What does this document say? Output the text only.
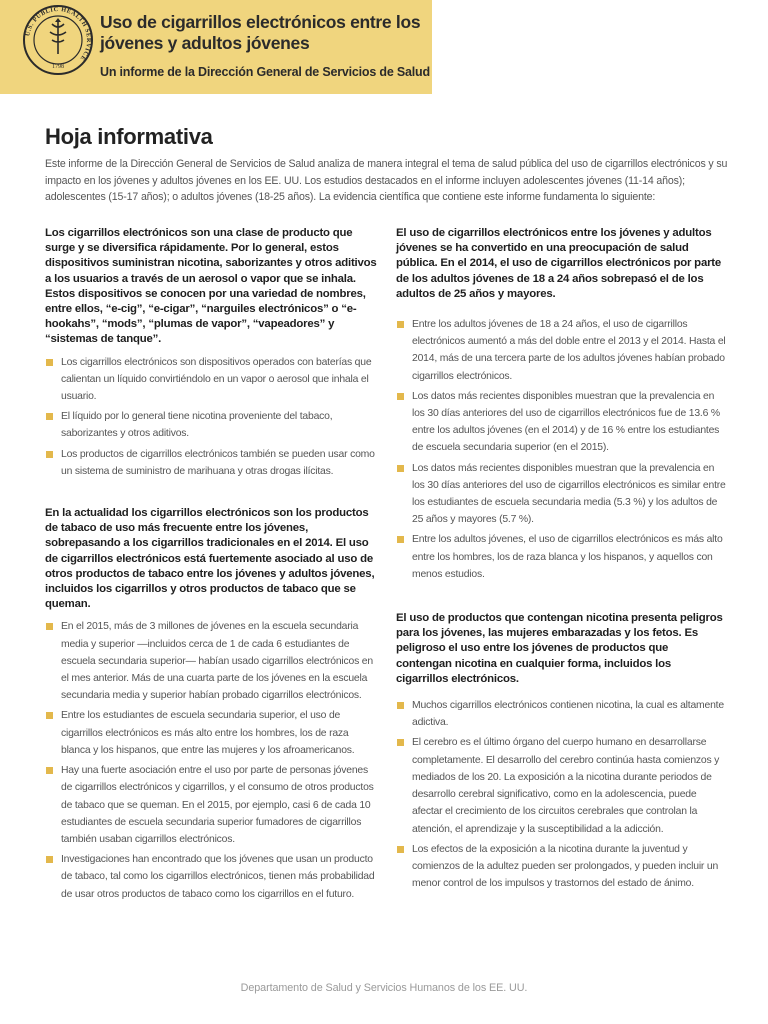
U.S. PUBLIC HEALTH SERVICE
1798
Uso de cigarrillos electrónicos entre los jóvenes y adultos jóvenes
Un informe de la Dirección General de Servicios de Salud
Hoja informativa

Este informe de la Dirección General de Servicios de Salud analiza de manera integral el tema de salud pública del uso de cigarrillos electrónicos y su impacto en los jóvenes y adultos jóvenes en los EE. UU. Los estudios destacados en el informe incluyen adolescentes jóvenes (11-14 años); adolescentes (15-17 años); o adultos jóvenes (18-25 años). La evidencia científica que contiene este informe fundamenta lo siguiente:

Los cigarrillos electrónicos son una clase de producto que surge y se diversifica rápidamente. Por lo general, estos dispositivos suministran nicotina, saborizantes y otros aditivos a los usuarios a través de un aerosol o vapor que se inhala. Estos dispositivos se conocen por una variedad de nombres, entre ellos, “e-cig”, “e-cigar”, “narguiles electrónicos” o “e-hookahs”, “mods”, “plumas de vapor”, “vapeadores” y “sistemas de tanque”.

Los cigarrillos electrónicos son dispositivos operados con baterías que calientan un líquido convirtiéndolo en un vapor o aerosol que inhala el usuario.
El líquido por lo general tiene nicotina proveniente del tabaco, saborizantes y otros aditivos.
Los productos de cigarrillos electrónicos también se pueden usar como un sistema de suministro de marihuana y otras drogas ilícitas.

En la actualidad los cigarrillos electrónicos son los productos de tabaco de uso más frecuente entre los jóvenes, sobrepasando a los cigarrillos tradicionales en el 2014. El uso de cigarrillos electrónicos está fuertemente asociado al uso de otros productos de tabaco entre los jóvenes y adultos jóvenes, incluidos los cigarrillos y otros productos de tabaco que se queman.

En el 2015, más de 3 millones de jóvenes en la escuela secundaria media y superior —incluidos cerca de 1 de cada 6 estudiantes de escuela secundaria superior— habían usado cigarrillos electrónicos en el mes anterior. Más de una cuarta parte de los jóvenes en la escuela secundaria media y superior habían probado cigarrillos electrónicos.
Entre los estudiantes de escuela secundaria superior, el uso de cigarrillos electrónicos es más alto entre los hombres, los de raza blanca y los hispanos, que entre las mujeres y los afroamericanos.
Hay una fuerte asociación entre el uso por parte de personas jóvenes de cigarrillos electrónicos y cigarrillos, y el consumo de otros productos de tabaco que se queman. En el 2015, por ejemplo, casi 6 de cada 10 estudiantes de escuela secundaria superior fumadores de cigarrillos también usaban cigarrillos electrónicos.
Investigaciones han encontrado que los jóvenes que usan un producto de tabaco, tal como los cigarrillos electrónicos, tienen más probabilidad de usar otros productos de tabaco como los cigarrillos en el futuro.

El uso de cigarrillos electrónicos entre los jóvenes y adultos jóvenes se ha convertido en una preocupación de salud pública. En el 2014, el uso de cigarrillos electrónicos por parte de los adultos jóvenes de 18 a 24 años sobrepasó el de los adultos de 25 años y mayores.

Entre los adultos jóvenes de 18 a 24 años, el uso de cigarrillos electrónicos aumentó a más del doble entre el 2013 y el 2014. Hasta el 2014, más de una tercera parte de los adultos jóvenes habían probado cigarrillos electrónicos.
Los datos más recientes disponibles muestran que la prevalencia en los 30 días anteriores del uso de cigarrillos electrónicos fue de 13.6 % entre los adultos jóvenes (en el 2014) y de 16 % entre los estudiantes de escuela secundaria superior (en el 2015).
Los datos más recientes disponibles muestran que la prevalencia en los 30 días anteriores del uso de cigarrillos electrónicos es similar entre los estudiantes de escuela secundaria media (5.3 %) y los adultos de 25 años y mayores (5.7 %).
Entre los adultos jóvenes, el uso de cigarrillos electrónicos es más alto entre los hombres, los de raza blanca y los hispanos, y aquellos con menos estudios.

El uso de productos que contengan nicotina presenta peligros para los jóvenes, las mujeres embarazadas y los fetos. Es peligroso el uso entre los jóvenes de productos que contengan nicotina en cualquier forma, incluidos los cigarrillos electrónicos.

Muchos cigarrillos electrónicos contienen nicotina, la cual es altamente adictiva.
El cerebro es el último órgano del cuerpo humano en desarrollarse completamente. El desarrollo del cerebro continúa hasta comienzos y mediados de los 20. La exposición a la nicotina durante periodos de desarrollo cerebral significativo, como en la adolescencia, puede afectar el crecimiento de los circuitos cerebrales que controlan la atención, el aprendizaje y la susceptibilidad a la adicción.
Los efectos de la exposición a la nicotina durante la juventud y comienzos de la adultez pueden ser prolongados, y pueden incluir un menor control de los impulsos y trastornos del estado de ánimo.
Departamento de Salud y Servicios Humanos de los EE. UU.
